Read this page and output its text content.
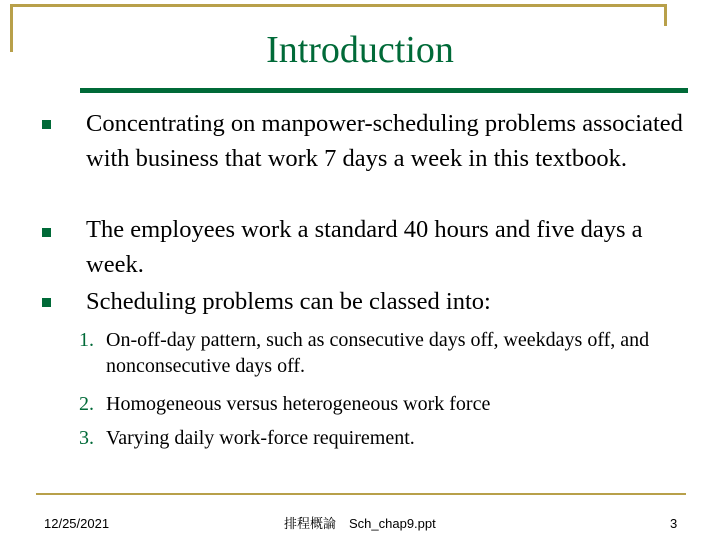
Introduction
Concentrating on manpower-scheduling problems associated with business that work 7 days a week in this textbook.
The employees work a standard 40 hours and five days a week.
Scheduling problems can be classed into:
1. On-off-day pattern, such as consecutive days off, weekdays off, and nonconsecutive days off.
2. Homogeneous versus heterogeneous work force
3. Varying daily work-force requirement.
12/25/2021	排程概論　Sch_chap9.ppt	3
